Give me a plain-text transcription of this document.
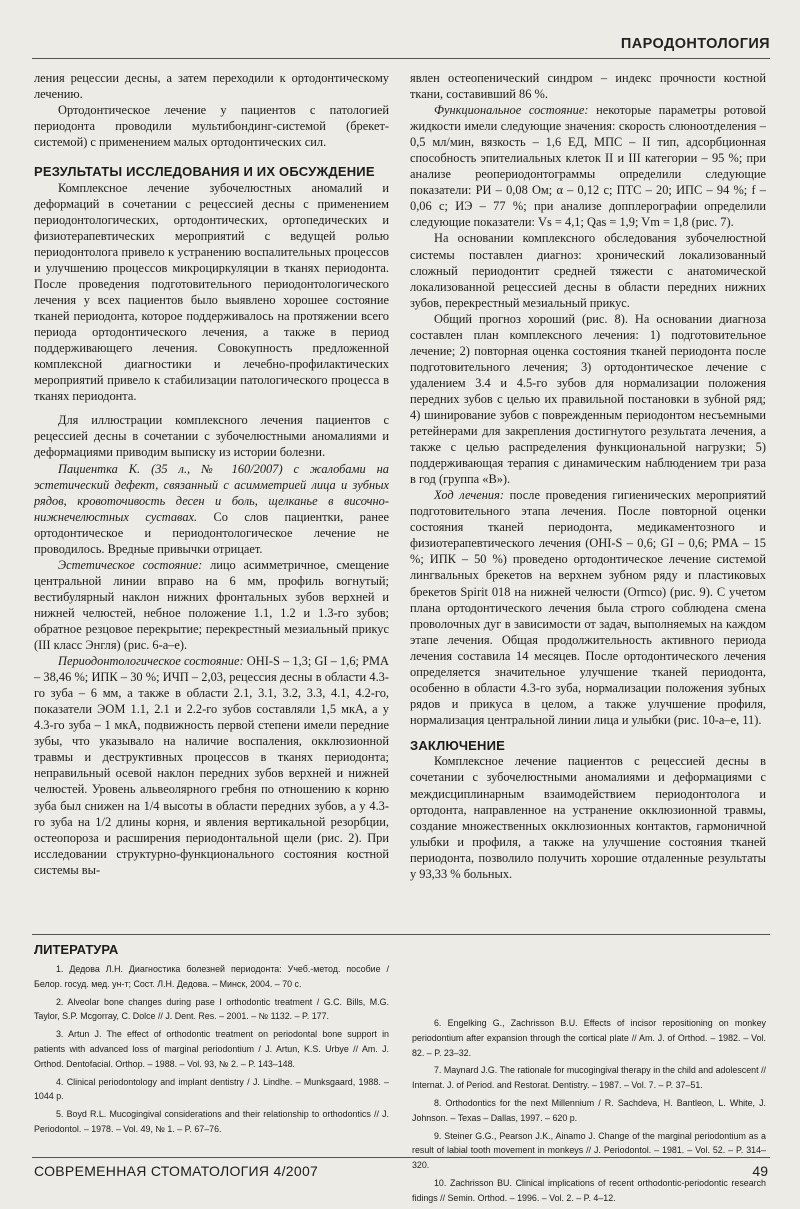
ПАРОДОНТОЛОГИЯ

ления рецессии десны, а затем переходили к ортодонтическому лечению.

Ортодонтическое лечение у пациентов с патологией периодонта проводили мультибондинг-системой (брекет-системой) с применением малых ортодонтических сил.

РЕЗУЛЬТАТЫ ИССЛЕДОВАНИЯ И ИХ ОБСУЖДЕНИЕ

Комплексное лечение зубочелюстных аномалий и деформаций в сочетании с рецессией десны с применением периодонтологических, ортодонтических, ортопедических и физиотерапевтических мероприятий с ведущей ролью периодонтолога привело к устранению воспалительных процессов и улучшению процессов микроциркуляции в тканях периодонта. После проведения подготовительного периодонтологического лечения у всех пациентов было выявлено хорошее состояние тканей периодонта, которое поддерживалось на протяжении всего периода ортодонтического лечения, а также в период поддерживающего лечения. Совокупность предложенной комплексной диагностики и лечебно-профилактических мероприятий привело к стабилизации патологического процесса в тканях периодонта.

Для иллюстрации комплексного лечения пациентов с рецессией десны в сочетании с зубочелюстными аномалиями и деформациями приводим выписку из истории болезни.

Пациентка К. (35 л., № 160/2007) с жалобами на эстетический дефект, связанный с асимметрией лица и зубных рядов, кровоточивость десен и боль, щелканье в височно-нижнечелюстных суставах. Со слов пациентки, ранее ортодонтическое и периодонтологическое лечение не проводилось. Вредные привычки отрицает.

Эстетическое состояние: лицо асимметричное, смещение центральной линии вправо на 6 мм, профиль вогнутый; вестибулярный наклон нижних фронтальных зубов верхней и нижней челюстей, небное положение 1.1, 1.2 и 1.3-го зубов; обратное резцовое перекрытие; перекрестный мезиальный прикус (III класс Энгля) (рис. 6-а–е).

Периодонтологическое состояние: OHI-S – 1,3; GI – 1,6; РМА – 38,46 %; ИПК – 30 %; ИЧП – 2,03, рецессия десны в области 4.3-го зуба – 6 мм, а также в области 2.1, 3.1, 3.2, 3.3, 4.1, 4.2-го, показатели ЭОМ 1.1, 2.1 и 2.2-го зубов составляли 1,5 мкА, а у 4.3-го зуба – 1 мкА, подвижность первой степени имели передние зубы, что указывало на наличие воспаления, окклюзионной травмы и деструктивных процессов в тканях периодонта; неправильный осевой наклон передних зубов верхней и нижней челюстей. Уровень альвеолярного гребня по отношению к корню зуба был снижен на 1/4 высоты в области передних зубов, а у 4.3-го зуба на 1/2 длины корня, и явления вертикальной резорбции, остеопороза и расширения периодонтальной щели (рис. 2). При исследовании структурно-функционального состояния костной системы вы-

явлен остеопенический синдром – индекс прочности костной ткани, составивший 86 %.

Функциональное состояние: некоторые параметры ротовой жидкости имели следующие значения: скорость слюноотделения – 0,5 мл/мин, вязкость – 1,6 ЕД, МПС – II тип, адсорбционная способность эпителиальных клеток II и III категории – 95 %; при анализе реопериодонтограммы определили следующие показатели: РИ – 0,08 Ом; α – 0,12 с; ПТС – 20; ИПС – 94 %; f – 0,06 с; ИЭ – 77 %; при анализе допплерографии определили следующие показатели: Vs = 4,1; Qas = 1,9; Vm = 1,8 (рис. 7).

На основании комплексного обследования зубочелюстной системы поставлен диагноз: хронический локализованный сложный периодонтит средней тяжести с анатомической локализованной рецессией десны в области передних нижних зубов, перекрестный мезиальный прикус.

Общий прогноз хороший (рис. 8). На основании диагноза составлен план комплексного лечения: 1) подготовительное лечение; 2) повторная оценка состояния тканей периодонта после подготовительного лечения; 3) ортодонтическое лечение с удалением 3.4 и 4.5-го зубов для нормализации положения передних зубов с целью их правильной постановки в зубной ряд; 4) шинирование зубов с поврежденным периодонтом несъемными ретейнерами для закрепления достигнутого результата лечения, а также с целью распределения функциональной нагрузки; 5) поддерживающая терапия с динамическим наблюдением три раза в год (группа «В»).

Ход лечения: после проведения гигиенических мероприятий подготовительного этапа лечения. После повторной оценки состояния тканей периодонта, медикаментозного и физиотерапевтического лечения (OHI-S – 0,6; GI – 0,6; РМА – 15 %; ИПК – 50 %) проведено ортодонтическое лечение системой лингвальных брекетов на верхнем зубном ряду и пластиковых брекетов Spirit 018 на нижней челюсти (Ormco) (рис. 9). С учетом плана ортодонтического лечения была строго соблюдена смена проволочных дуг в зависимости от задач, выполняемых на каждом этапе лечения. Общая продолжительность активного периода лечения составила 14 месяцев. После ортодонтического лечения определяется значительное улучшение тканей периодонта, особенно в области 4.3-го зуба, нормализации положения зубных рядов и прикуса в целом, а также улучшение профиля, нормализация центральной линии лица и улыбки (рис. 10-а–е, 11).

ЗАКЛЮЧЕНИЕ

Комплексное лечение пациентов с рецессией десны в сочетании с зубочелюстными аномалиями и деформациями с междисциплинарным взаимодействием периодонтолога и ортодонта, направленное на устранение окклюзионной травмы, создание множественных окклюзионных контактов, гармоничной улыбки и профиля, а также на улучшение состояния тканей периодонта, позволило получить хорошие отдаленные результаты у 93,33 % больных.

ЛИТЕРАТУРА

1. Дедова Л.Н. Диагностика болезней периодонта: Учеб.-метод. пособие / Белор. госуд. мед. ун-т; Сост. Л.Н. Дедова. – Минск, 2004. – 70 с.

2. Alveolar bone changes during pase I orthodontic treatment / G.C. Bills, M.G. Taylor, S.P. Mcgorray, C. Dolce // J. Dent. Res. – 2001. – № 1132. – P. 177.

3. Artun J. The effect of orthodontic treatment on periodontal bone support in patients with advanced loss of marginal periodontium / J. Artun, K.S. Urbye // Am. J. Orthod. Dentofacial. Orthop. – 1988. – Vol. 93, № 2. – P. 143–148.

4. Clinical periodontology and implant dentistry / J. Lindhe. – Munksgaard, 1988. – 1044 p.

5. Boyd R.L. Mucogingival considerations and their relationship to orthodontics // J. Periodontol. – 1978. – Vol. 49, № 1. – P. 67–76.

6. Engelking G., Zachrisson B.U. Effects of incisor repositioning on monkey periodontium after expansion through the cortical plate // Am. J. of Orthod. – 1982. – Vol. 82. – P. 23–32.

7. Maynard J.G. The rationale for mucogingival therapy in the child and adolescent // Internat. J. of Period. and Restorat. Dentistry. – 1987. – Vol. 7. – P. 37–51.

8. Orthodontics for the next Millennium / R. Sachdeva, H. Bantleon, L. White, J. Johnson. – Texas – Dallas, 1997. – 620 p.

9. Steiner G.G., Pearson J.K., Ainamo J. Change of the marginal periodontium as a result of labial tooth movement in monkeys // J. Periodontol. – 1981. – Vol. 52. – P. 314–320.

10. Zachrisson BU. Clinical implications of recent orthodontic-periodontic research fidings // Semin. Orthod. – 1996. – Vol. 2. – P. 4–12.

СОВРЕМЕННАЯ СТОМАТОЛОГИЯ 4/2007	49
